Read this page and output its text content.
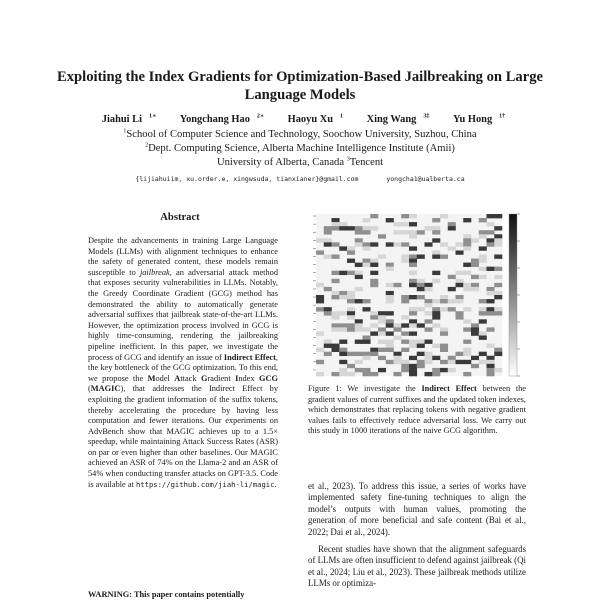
Exploiting the Index Gradients for Optimization-Based Jailbreaking on Large Language Models
Jiahui Li $^{1∗}$ Yongchang Hao $^{2∗}$ Haoyu Xu $^1$ Xing Wang $^{3\ddagger}$ Yu Hong $^{1\dagger}$
$^1$School of Computer Science and Technology, Soochow University, Suzhou, China
$^2$Dept. Computing Science, Alberta Machine Intelligence Institute (Amii)
University of Alberta, Canada $^3$Tencent
{lijiahuiim, xu.order.e, xingwsuda, tianxianer}@gmail.com	yongcha1@ualberta.ca
Abstract

Despite the advancements in training Large Language Models (LLMs) with alignment techniques to enhance the safety of generated content, these models remain susceptible to jailbreak, an adversarial attack method that exposes security vulnerabilities in LLMs. Notably, the Greedy Coordinate Gradient (GCG) method has demonstrated the ability to automatically generate adversarial suffixes that jailbreak state-of-the-art LLMs. However, the optimization process involved in GCG is highly time-consuming, rendering the jailbreaking pipeline inefficient. In this paper, we investigate the process of GCG and identify an issue of Indirect Effect, the key bottleneck of the GCG optimization. To this end, we propose the Model Attack Gradient Index GCG (MAGIC), that addresses the Indirect Effect by exploiting the gradient information of the suffix tokens, thereby accelerating the procedure by having less computation and fewer iterations. Our experiments on AdvBench show that MAGIC achieves up to a 1.5× speedup, while maintaining Attack Success Rates (ASR) on par or even higher than other baselines. Our MAGIC achieved an ASR of 74% on the Llama-2 and an ASR of 54% when conducting transfer attacks on GPT-3.5. Code is available at https://github.com/jiah-li/magic.

WARNING: This paper contains potentially
Figure 1: We investigate the Indirect Effect between the gradient values of current suffixes and the updated token indexes, which demonstrates that replacing tokens with negative gradient values fails to effectively reduce adversarial loss. We carry out this study in 1000 iterations of the naive GCG algorithm.

et al., 2023). To address this issue, a series of works have implemented safety fine-tuning techniques to align the model’s outputs with human values, promoting the generation of more beneficial and safe content (Bai et al., 2022; Dai et al., 2024).

Recent studies have shown that the alignment safeguards of LLMs are often insufficient to defend against jailbreak (Qi et al., 2024; Liu et al., 2023). These jailbreak methods utilize LLMs or optimiza-
